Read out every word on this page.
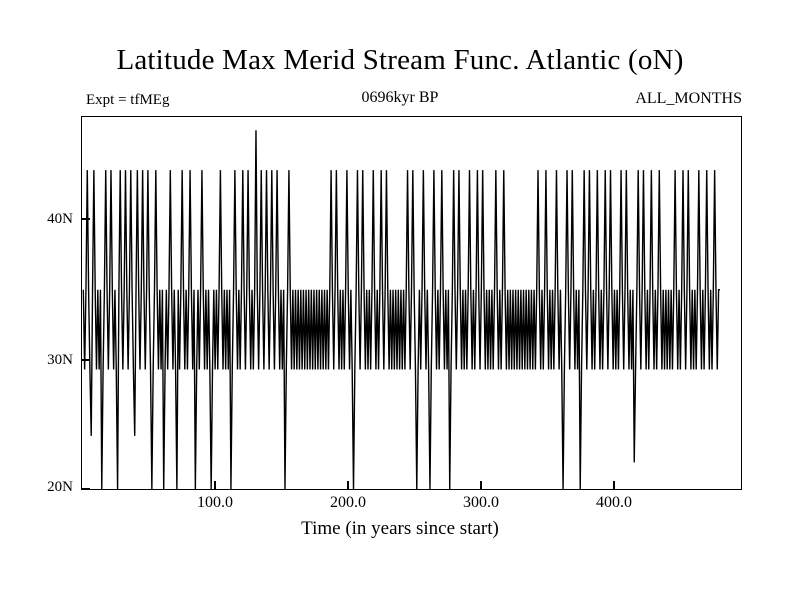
Latitude Max Merid Stream Func. Atlantic (oN)
Expt = tfMEg	0696kyr BP	ALL_MONTHS
40N
30N
20N
100.0	200.0	300.0	400.0
Time (in years since start)
